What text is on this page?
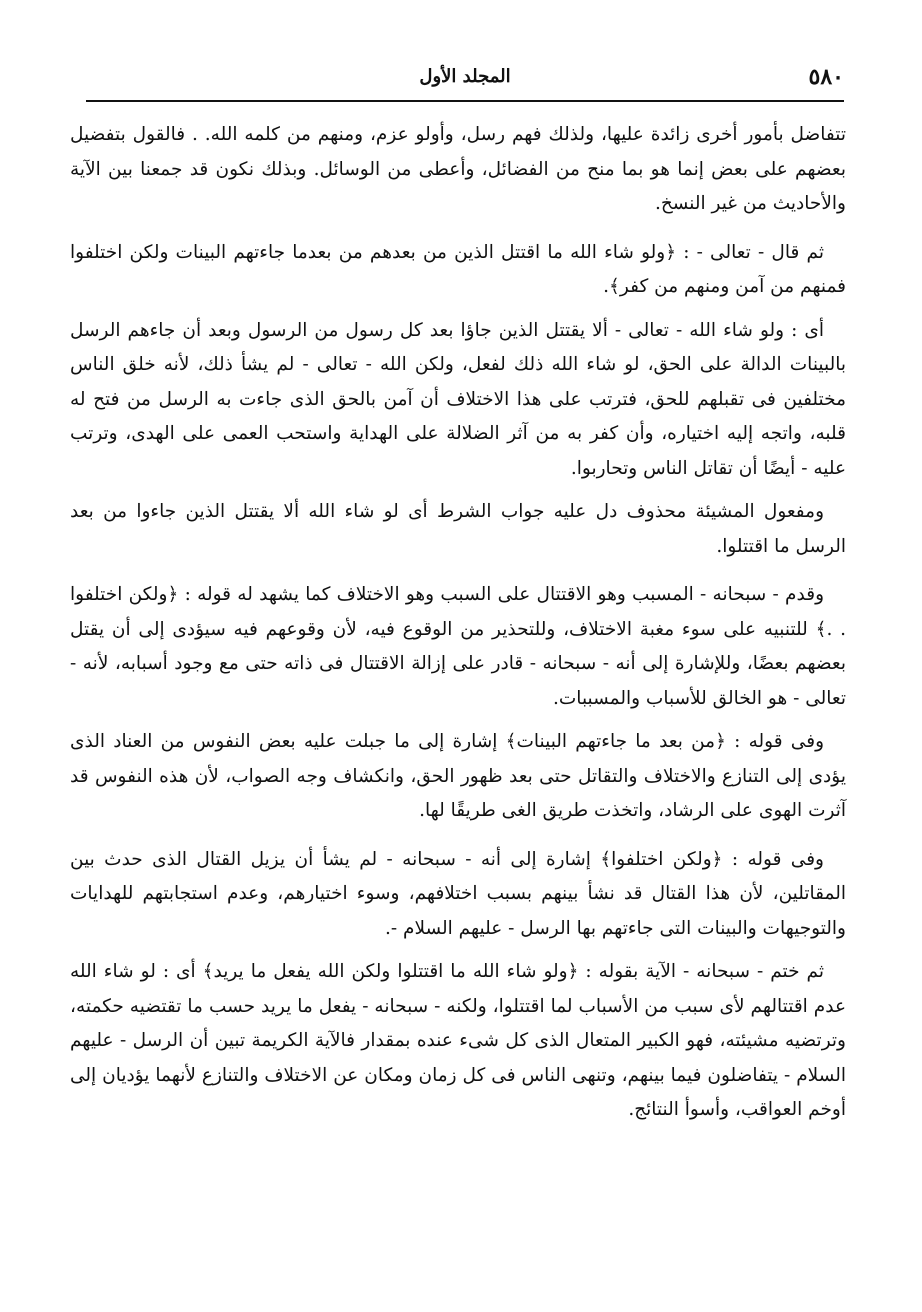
٥٨٠
المجلد الأول

تتفاضل بأمور أخرى زائدة عليها، ولذلك فهم رسل، وأولو عزم، ومنهم من كلمه الله. . فالقول بتفضيل بعضهم على بعض إنما هو بما منح من الفضائل، وأعطى من الوسائل. وبذلك نكون قد جمعنا بين الآية والأحاديث من غير النسخ.

ثم قال - تعالى - : ﴿ولو شاء الله ما اقتتل الذين من بعدهم من بعدما جاءتهم البينات ولكن اختلفوا فمنهم من آمن ومنهم من كفر﴾.

أى : ولو شاء الله - تعالى - ألا يقتتل الذين جاؤا بعد كل رسول من الرسول وبعد أن جاءهم الرسل بالبينات الدالة على الحق، لو شاء الله ذلك لفعل، ولكن الله - تعالى - لم يشأ ذلك، لأنه خلق الناس مختلفين فى تقبلهم للحق، فترتب على هذا الاختلاف أن آمن بالحق الذى جاءت به الرسل من فتح له قلبه، واتجه إليه اختياره، وأن كفر به من آثر الضلالة على الهداية واستحب العمى على الهدى، وترتب عليه - أيضًا أن تقاتل الناس وتحاربوا.

ومفعول المشيئة محذوف دل عليه جواب الشرط أى لو شاء الله ألا يقتتل الذين جاءوا من بعد الرسل ما اقتتلوا.

وقدم - سبحانه - المسبب وهو الاقتتال على السبب وهو الاختلاف كما يشهد له قوله : ﴿ولكن اختلفوا . .﴾ للتنبيه على سوء مغبة الاختلاف، وللتحذير من الوقوع فيه، لأن وقوعهم فيه سيؤدى إلى أن يقتل بعضهم بعضًا، وللإشارة إلى أنه - سبحانه - قادر على إزالة الاقتتال فى ذاته حتى مع وجود أسبابه، لأنه - تعالى - هو الخالق للأسباب والمسببات.

وفى قوله : ﴿من بعد ما جاءتهم البينات﴾ إشارة إلى ما جبلت عليه بعض النفوس من العناد الذى يؤدى إلى التنازع والاختلاف والتقاتل حتى بعد ظهور الحق، وانكشاف وجه الصواب، لأن هذه النفوس قد آثرت الهوى على الرشاد، واتخذت طريق الغى طريقًا لها.

وفى قوله : ﴿ولكن اختلفوا﴾ إشارة إلى أنه - سبحانه - لم يشأ أن يزيل القتال الذى حدث بين المقاتلين، لأن هذا القتال قد نشأ بينهم بسبب اختلافهم، وسوء اختيارهم، وعدم استجابتهم للهدايات والتوجيهات والبينات التى جاءتهم بها الرسل - عليهم السلام -.

ثم ختم - سبحانه - الآية بقوله : ﴿ولو شاء الله ما اقتتلوا ولكن الله يفعل ما يريد﴾ أى : لو شاء الله عدم اقتتالهم لأى سبب من الأسباب لما اقتتلوا، ولكنه - سبحانه - يفعل ما يريد حسب ما تقتضيه حكمته، وترتضيه مشيئته، فهو الكبير المتعال الذى كل شىء عنده بمقدار فالآية الكريمة تبين أن الرسل - عليهم السلام - يتفاضلون فيما بينهم، وتنهى الناس فى كل زمان ومكان عن الاختلاف والتنازع لأنهما يؤديان إلى أوخم العواقب، وأسوأ النتائج.
